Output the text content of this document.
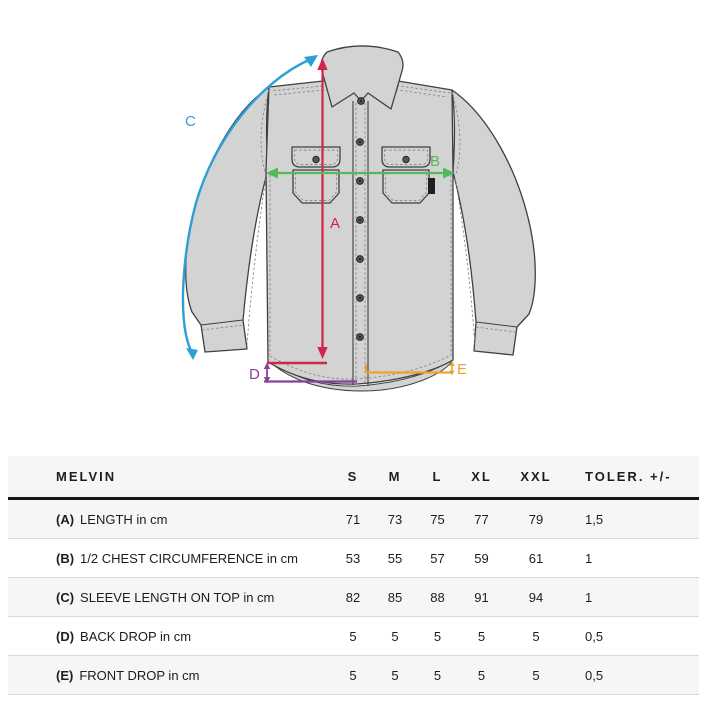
A
B
C
D	E
MELVIN	S	M	L	XL	XXL	TOLER. +/-
(A) LENGTH in cm	71	73	75	77	79	1,5
(B) 1/2 CHEST CIRCUMFERENCE in cm	53	55	57	59	61	1
(C) SLEEVE LENGTH ON TOP in cm	82	85	88	91	94	1
(D) BACK DROP in cm	5	5	5	5	5	0,5
(E) FRONT DROP in cm	5	5	5	5	5	0,5
